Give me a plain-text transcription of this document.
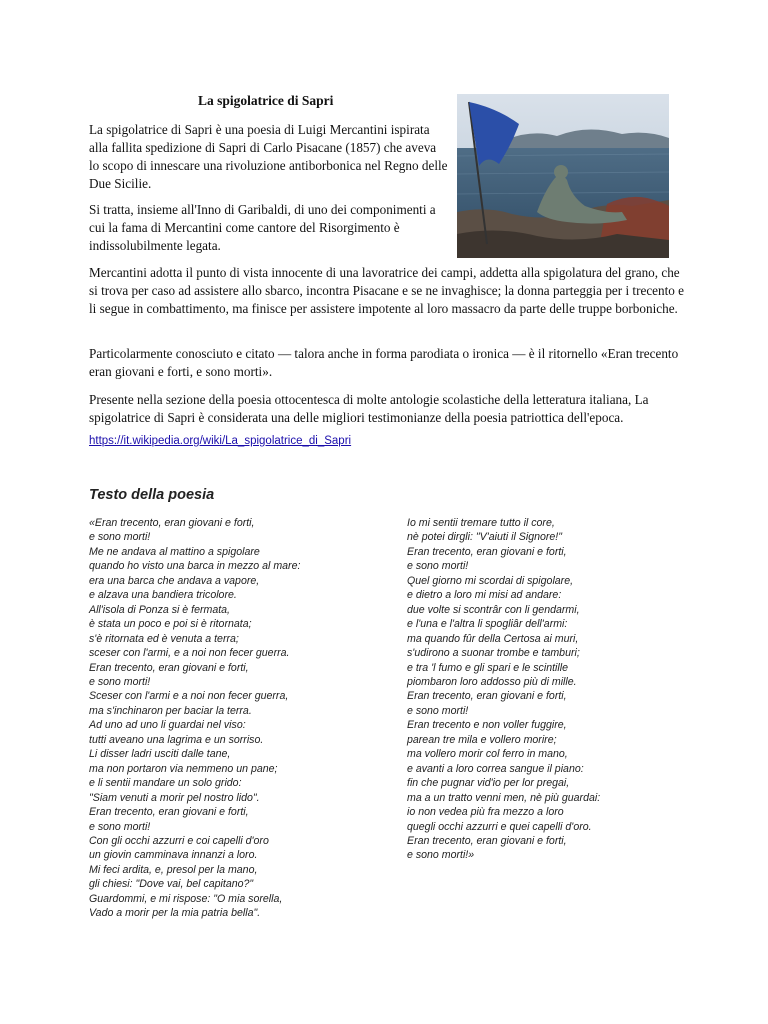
La spigolatrice di Sapri

La spigolatrice di Sapri è una poesia di Luigi Mercantini ispirata alla fallita spedizione di Sapri di Carlo Pisacane (1857) che aveva lo scopo di innescare una rivoluzione antiborbonica nel Regno delle Due Sicilie.

Si tratta, insieme all'Inno di Garibaldi, di uno dei componimenti a cui la fama di Mercantini come cantore del Risorgimento è indissolubilmente legata.

Mercantini adotta il punto di vista innocente di una lavoratrice dei campi, addetta alla spigolatura del grano, che si trova per caso ad assistere allo sbarco, incontra Pisacane e se ne invaghisce; la donna parteggia per i trecento e li segue in combattimento, ma finisce per assistere impotente al loro massacro da parte delle truppe borboniche.

Particolarmente conosciuto e citato — talora anche in forma parodiata o ironica — è il ritornello «Eran trecento eran giovani e forti, e sono morti».

Presente nella sezione della poesia ottocentesca di molte antologie scolastiche della letteratura italiana, La spigolatrice di Sapri è considerata una delle migliori testimonianze della poesia patriottica dell'epoca.

https://it.wikipedia.org/wiki/La_spigolatrice_di_Sapri
Testo della poesia
«Eran trecento, eran giovani e forti,
e sono morti!
Me ne andava al mattino a spigolare
quando ho visto una barca in mezzo al mare:
era una barca che andava a vapore,
e alzava una bandiera tricolore.
All'isola di Ponza si è fermata,
è stata un poco e poi si è ritornata;
s'è ritornata ed è venuta a terra;
sceser con l'armi, e a noi non fecer guerra.
Eran trecento, eran giovani e forti,
e sono morti!
Sceser con l'armi e a noi non fecer guerra,
ma s'inchinaron per baciar la terra.
Ad uno ad uno li guardai nel viso:
tutti aveano una lagrima e un sorriso.
Li disser ladri usciti dalle tane,
ma non portaron via nemmeno un pane;
e li sentii mandare un solo grido:
"Siam venuti a morir pel nostro lido".
Eran trecento, eran giovani e forti,
e sono morti!
Con gli occhi azzurri e coi capelli d'oro
un giovin camminava innanzi a loro.
Mi feci ardita, e, presol per la mano,
gli chiesi: "Dove vai, bel capitano?"
Guardommi, e mi rispose: "O mia sorella,
Vado a morir per la mia patria bella".
Io mi sentii tremare tutto il core,
nè potei dirgli: "V'aiuti il Signore!"
Eran trecento, eran giovani e forti,
e sono morti!
Quel giorno mi scordai di spigolare,
e dietro a loro mi misi ad andare:
due volte si scontrâr con li gendarmi,
e l'una e l'altra li spogliâr dell'armi:
ma quando fûr della Certosa ai muri,
s'udirono a suonar trombe e tamburi;
e tra 'l fumo e gli spari e le scintille
piombaron loro addosso più di mille.
Eran trecento, eran giovani e forti,
e sono morti!
Eran trecento e non voller fuggire,
parean tre mila e vollero morire;
ma vollero morir col ferro in mano,
e avanti a loro correa sangue il piano:
fin che pugnar vid'io per lor pregai,
ma a un tratto venni men, nè più guardai:
io non vedea più fra mezzo a loro
quegli occhi azzurri e quei capelli d'oro.
Eran trecento, eran giovani e forti,
e sono morti!»
